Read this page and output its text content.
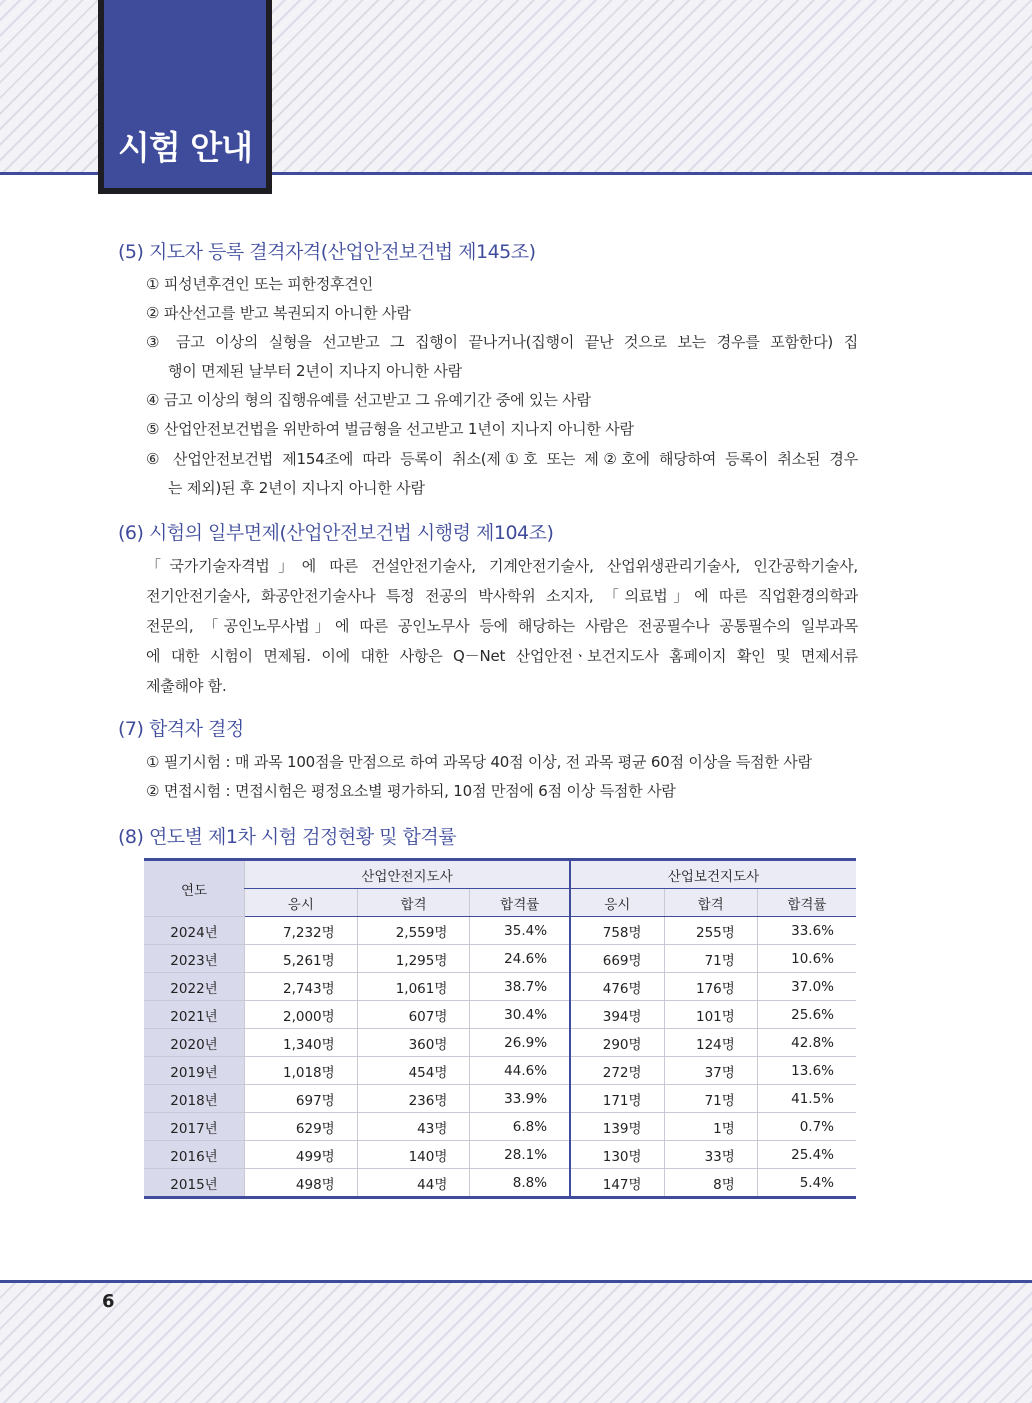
시험 안내
(5) 지도자 등록 결격자격(산업안전보건법 제145조)
① 피성년후견인 또는 피한정후견인
② 파산선고를 받고 복권되지 아니한 사람
③ 금고 이상의 실형을 선고받고 그 집행이 끝나거나(집행이 끝난 것으로 보는 경우를 포함한다) 집
행이 면제된 날부터 2년이 지나지 아니한 사람
④ 금고 이상의 형의 집행유예를 선고받고 그 유예기간 중에 있는 사람
⑤ 산업안전보건법을 위반하여 벌금형을 선고받고 1년이 지나지 아니한 사람
⑥ 산업안전보건법 제154조에 따라 등록이 취소(제①호 또는 제②호에 해당하여 등록이 취소된 경우
는 제외)된 후 2년이 지나지 아니한 사람
(6) 시험의 일부면제(산업안전보건법 시행령 제104조)
「국가기술자격법」에 따른 건설안전기술사, 기계안전기술사, 산업위생관리기술사, 인간공학기술사,
전기안전기술사, 화공안전기술사나 특정 전공의 박사학위 소지자, 「의료법」에 따른 직업환경의학과
전문의, 「공인노무사법」에 따른 공인노무사 등에 해당하는 사람은 전공필수나 공통필수의 일부과목
에 대한 시험이 면제됨. 이에 대한 사항은 Q－Net 산업안전ㆍ보건지도사 홈페이지 확인 및 면제서류
제출해야 함.
(7) 합격자 결정
① 필기시험 : 매 과목 100점을 만점으로 하여 과목당 40점 이상, 전 과목 평균 60점 이상을 득점한 사람
② 면접시험 : 면접시험은 평정요소별 평가하되, 10점 만점에 6점 이상 득점한 사람
(8) 연도별 제1차 시험 검정현황 및 합격률
연도	산업안전지도사			산업보건지도사		
	응시	합격	합격률	응시	합격	합격률
2024년	7,232명	2,559명	35.4%	758명	255명	33.6%
2023년	5,261명	1,295명	24.6%	669명	71명	10.6%
2022년	2,743명	1,061명	38.7%	476명	176명	37.0%
2021년	2,000명	607명	30.4%	394명	101명	25.6%
2020년	1,340명	360명	26.9%	290명	124명	42.8%
2019년	1,018명	454명	44.6%	272명	37명	13.6%
2018년	697명	236명	33.9%	171명	71명	41.5%
2017년	629명	43명	6.8%	139명	1명	0.7%
2016년	499명	140명	28.1%	130명	33명	25.4%
2015년	498명	44명	8.8%	147명	8명	5.4%
6
